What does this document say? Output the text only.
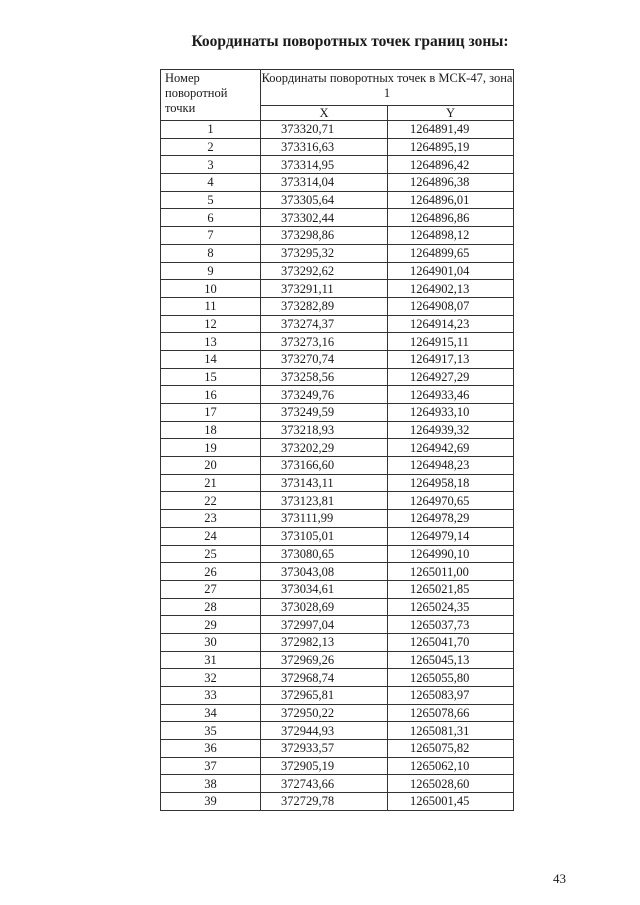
Координаты поворотных точек границ зоны:
Номер поворотной точки	Координаты поворотных точек в МСК-47, зона 1	
	X	Y
1	373320,71	1264891,49
2	373316,63	1264895,19
3	373314,95	1264896,42
4	373314,04	1264896,38
5	373305,64	1264896,01
6	373302,44	1264896,86
7	373298,86	1264898,12
8	373295,32	1264899,65
9	373292,62	1264901,04
10	373291,11	1264902,13
11	373282,89	1264908,07
12	373274,37	1264914,23
13	373273,16	1264915,11
14	373270,74	1264917,13
15	373258,56	1264927,29
16	373249,76	1264933,46
17	373249,59	1264933,10
18	373218,93	1264939,32
19	373202,29	1264942,69
20	373166,60	1264948,23
21	373143,11	1264958,18
22	373123,81	1264970,65
23	373111,99	1264978,29
24	373105,01	1264979,14
25	373080,65	1264990,10
26	373043,08	1265011,00
27	373034,61	1265021,85
28	373028,69	1265024,35
29	372997,04	1265037,73
30	372982,13	1265041,70
31	372969,26	1265045,13
32	372968,74	1265055,80
33	372965,81	1265083,97
34	372950,22	1265078,66
35	372944,93	1265081,31
36	372933,57	1265075,82
37	372905,19	1265062,10
38	372743,66	1265028,60
39	372729,78	1265001,45
43
